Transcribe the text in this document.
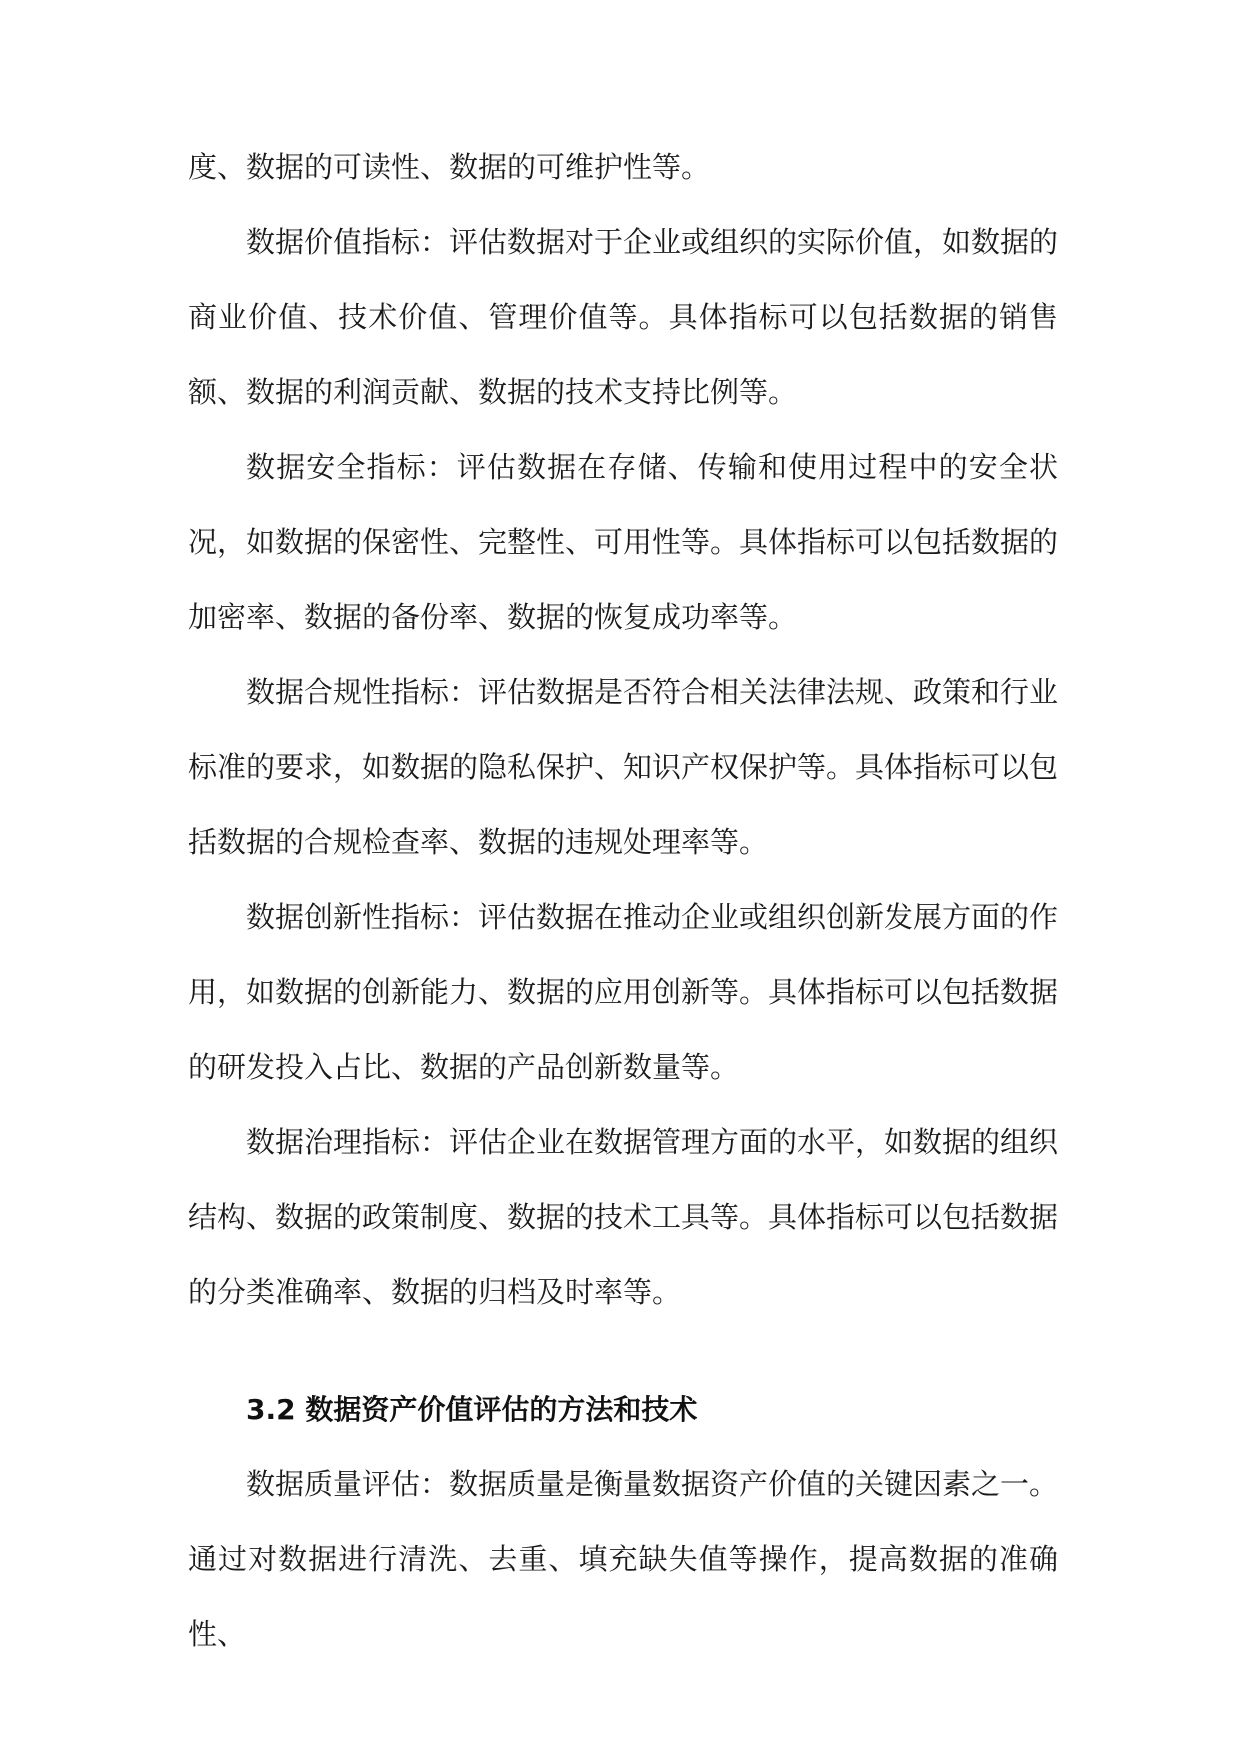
度、数据的可读性、数据的可维护性等。

数据价值指标：评估数据对于企业或组织的实际价值，如数据的商业价值、技术价值、管理价值等。具体指标可以包括数据的销售额、数据的利润贡献、数据的技术支持比例等。

数据安全指标：评估数据在存储、传输和使用过程中的安全状况，如数据的保密性、完整性、可用性等。具体指标可以包括数据的加密率、数据的备份率、数据的恢复成功率等。

数据合规性指标：评估数据是否符合相关法律法规、政策和行业标准的要求，如数据的隐私保护、知识产权保护等。具体指标可以包括数据的合规检查率、数据的违规处理率等。

数据创新性指标：评估数据在推动企业或组织创新发展方面的作用，如数据的创新能力、数据的应用创新等。具体指标可以包括数据的研发投入占比、数据的产品创新数量等。

数据治理指标：评估企业在数据管理方面的水平，如数据的组织结构、数据的政策制度、数据的技术工具等。具体指标可以包括数据的分类准确率、数据的归档及时率等。

3.2 数据资产价值评估的方法和技术

数据质量评估：数据质量是衡量数据资产价值的关键因素之一。通过对数据进行清洗、去重、填充缺失值等操作，提高数据的准确性、
